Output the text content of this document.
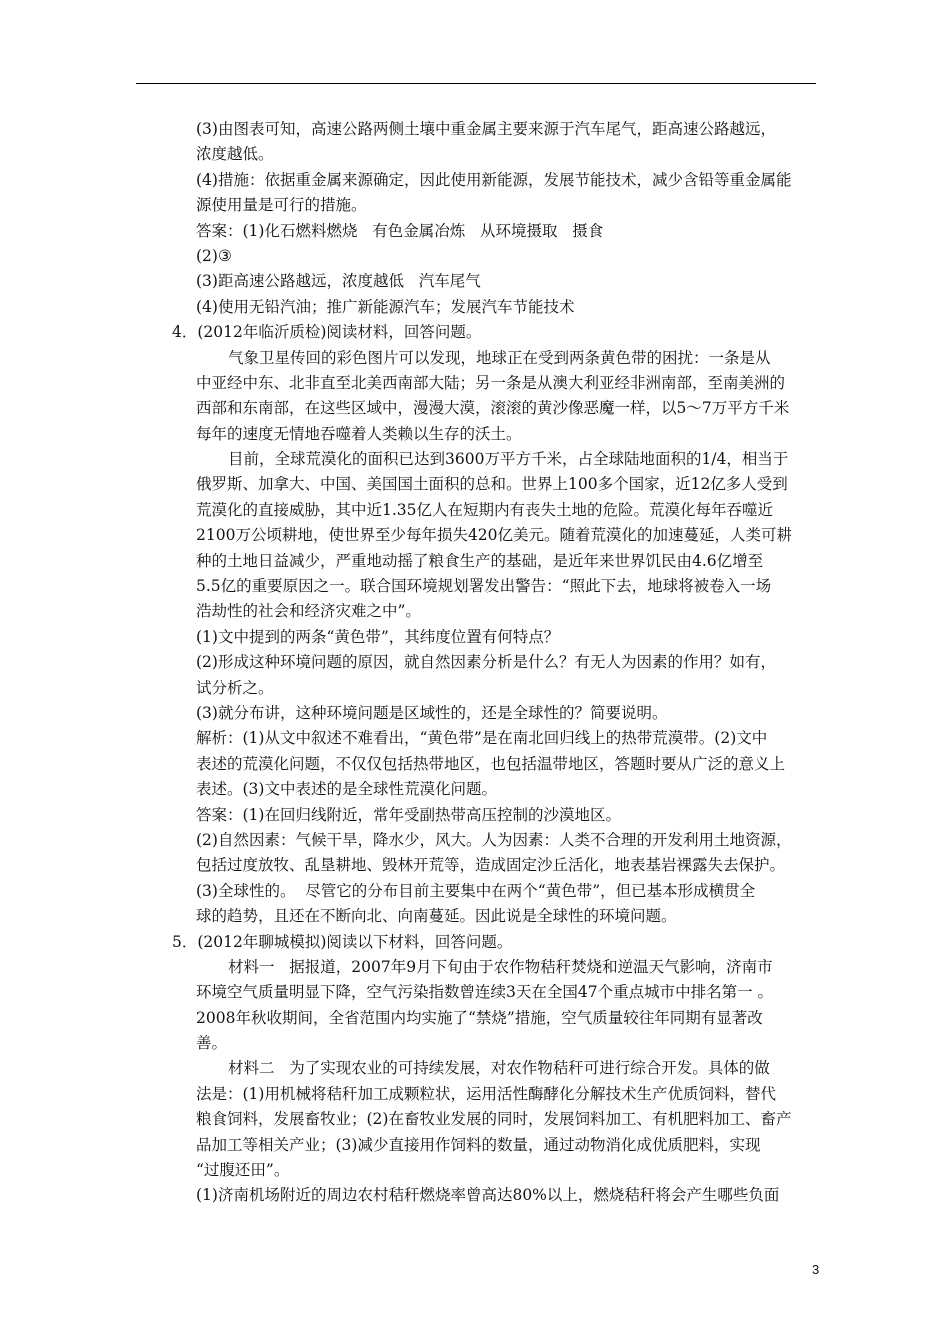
(3)由图表可知，高速公路两侧土壤中重金属主要来源于汽车尾气，距高速公路越远，
浓度越低。
(4)措施：依据重金属来源确定，因此使用新能源，发展节能技术，减少含铅等重金属能
源使用量是可行的措施。
答案：(1)化石燃料燃烧   有色金属冶炼   从环境摄取   摄食
(2)③
(3)距高速公路越远，浓度越低   汽车尾气
(4)使用无铅汽油；推广新能源汽车；发展汽车节能技术
4．(2012年临沂质检)阅读材料，回答问题。
气象卫星传回的彩色图片可以发现，地球正在受到两条黄色带的困扰：一条是从
中亚经中东、北非直至北美西南部大陆；另一条是从澳大利亚经非洲南部，至南美洲的
西部和东南部，在这些区域中，漫漫大漠，滚滚的黄沙像恶魔一样，以5～7万平方千米
每年的速度无情地吞噬着人类赖以生存的沃土。
目前，全球荒漠化的面积已达到3600万平方千米，占全球陆地面积的1/4，相当于
俄罗斯、加拿大、中国、美国国土面积的总和。世界上100多个国家，近12亿多人受到
荒漠化的直接威胁，其中近1.35亿人在短期内有丧失土地的危险。荒漠化每年吞噬近
2100万公顷耕地，使世界至少每年损失420亿美元。随着荒漠化的加速蔓延，人类可耕
种的土地日益减少，严重地动摇了粮食生产的基础，是近年来世界饥民由4.6亿增至
5.5亿的重要原因之一。联合国环境规划署发出警告：“照此下去，地球将被卷入一场
浩劫性的社会和经济灾难之中”。
(1)文中提到的两条“黄色带”，其纬度位置有何特点？
(2)形成这种环境问题的原因，就自然因素分析是什么？有无人为因素的作用？如有，
试分析之。
(3)就分布讲，这种环境问题是区域性的，还是全球性的？简要说明。
解析：(1)从文中叙述不难看出，“黄色带”是在南北回归线上的热带荒漠带。(2)文中
表述的荒漠化问题，不仅仅包括热带地区，也包括温带地区，答题时要从广泛的意义上
表述。(3)文中表述的是全球性荒漠化问题。
答案：(1)在回归线附近，常年受副热带高压控制的沙漠地区。
(2)自然因素：气候干旱，降水少，风大。人为因素：人类不合理的开发利用土地资源，
包括过度放牧、乱垦耕地、毁林开荒等，造成固定沙丘活化，地表基岩裸露失去保护。
(3)全球性的。  尽管它的分布目前主要集中在两个“黄色带”，但已基本形成横贯全
球的趋势，且还在不断向北、向南蔓延。因此说是全球性的环境问题。
5．(2012年聊城模拟)阅读以下材料，回答问题。
材料一   据报道，2007年9月下旬由于农作物秸秆焚烧和逆温天气影响，济南市
环境空气质量明显下降，空气污染指数曾连续3天在全国47个重点城市中排名第一 。
2008年秋收期间，全省范围内均实施了“禁烧”措施，空气质量较往年同期有显著改
善。
材料二   为了实现农业的可持续发展，对农作物秸秆可进行综合开发。具体的做
法是：(1)用机械将秸秆加工成颗粒状，运用活性酶酵化分解技术生产优质饲料，替代
粮食饲料，发展畜牧业；(2)在畜牧业发展的同时，发展饲料加工、有机肥料加工、畜产
品加工等相关产业；(3)减少直接用作饲料的数量，通过动物消化成优质肥料，实现
“过腹还田”。
(1)济南机场附近的周边农村秸秆燃烧率曾高达80%以上，燃烧秸秆将会产生哪些负面
3
